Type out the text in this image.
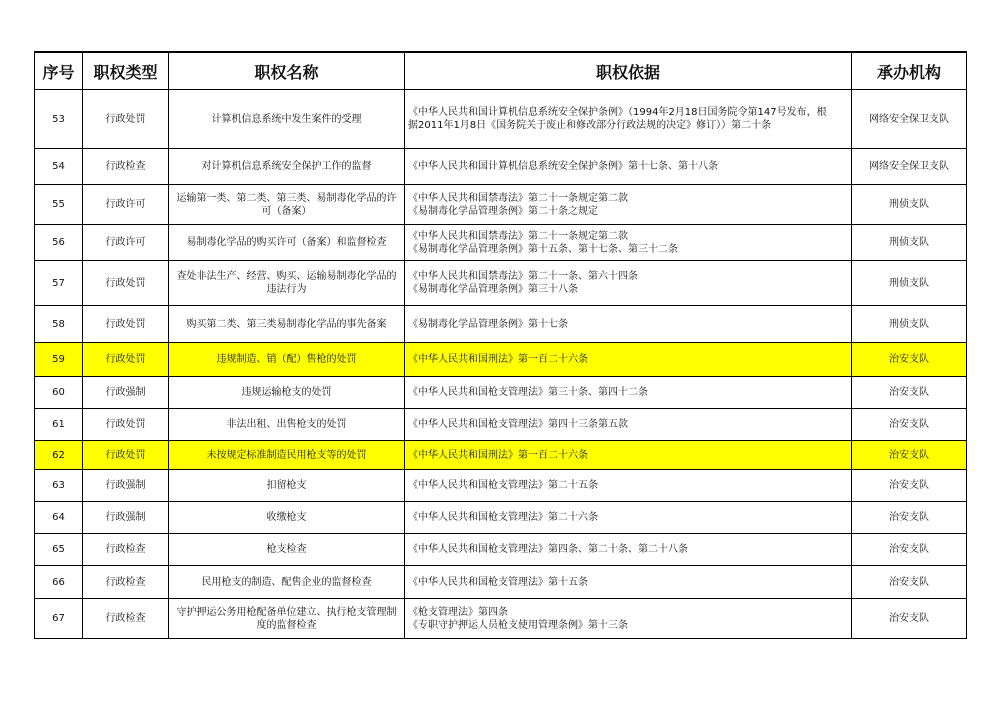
序号	职权类型	职权名称	职权依据	承办机构
53	行政处罚	计算机信息系统中发生案件的受理	《中华人民共和国计算机信息系统安全保护条例》（1994年2月18日国务院令第147号发布，根
据2011年1月8日《国务院关于废止和修改部分行政法规的决定》修订））第二十条	网络安全保卫支队
54	行政检查	对计算机信息系统安全保护工作的监督	《中华人民共和国计算机信息系统安全保护条例》第十七条、第十八条	网络安全保卫支队
55	行政许可	运输第一类、第二类、第三类、易制毒化学品的许可（备案）	《中华人民共和国禁毒法》第二十一条规定第二款
《易制毒化学品管理条例》第二十条之规定	刑侦支队
56	行政许可	易制毒化学品的购买许可（备案）和监督检查	《中华人民共和国禁毒法》第二十一条规定第二款
《易制毒化学品管理条例》第十五条、第十七条、第三十二条	刑侦支队
57	行政处罚	查处非法生产、经营、购买、运输易制毒化学品的违法行为	《中华人民共和国禁毒法》第二十一条、第六十四条
《易制毒化学品管理条例》第三十八条	刑侦支队
58	行政处罚	购买第二类、第三类易制毒化学品的事先备案	《易制毒化学品管理条例》第十七条	刑侦支队
59	行政处罚	违规制造、销（配）售枪的处罚	《中华人民共和国刑法》第一百二十六条	治安支队
60	行政强制	违规运输枪支的处罚	《中华人民共和国枪支管理法》第三十条、第四十二条	治安支队
61	行政处罚	非法出租、出售枪支的处罚	《中华人民共和国枪支管理法》第四十三条第五款	治安支队
62	行政处罚	未按规定标准制造民用枪支等的处罚	《中华人民共和国刑法》第一百二十六条	治安支队
63	行政强制	扣留枪支	《中华人民共和国枪支管理法》第二十五条	治安支队
64	行政强制	收缴枪支	《中华人民共和国枪支管理法》第二十六条	治安支队
65	行政检查	枪支检查	《中华人民共和国枪支管理法》第四条、第二十条、第二十八条	治安支队
66	行政检查	民用枪支的制造、配售企业的监督检查	《中华人民共和国枪支管理法》第十五条	治安支队
67	行政检查	守护押运公务用枪配备单位建立、执行枪支管理制度的监督检查	《枪支管理法》第四条
《专职守护押运人员枪支使用管理条例》第十三条	治安支队
